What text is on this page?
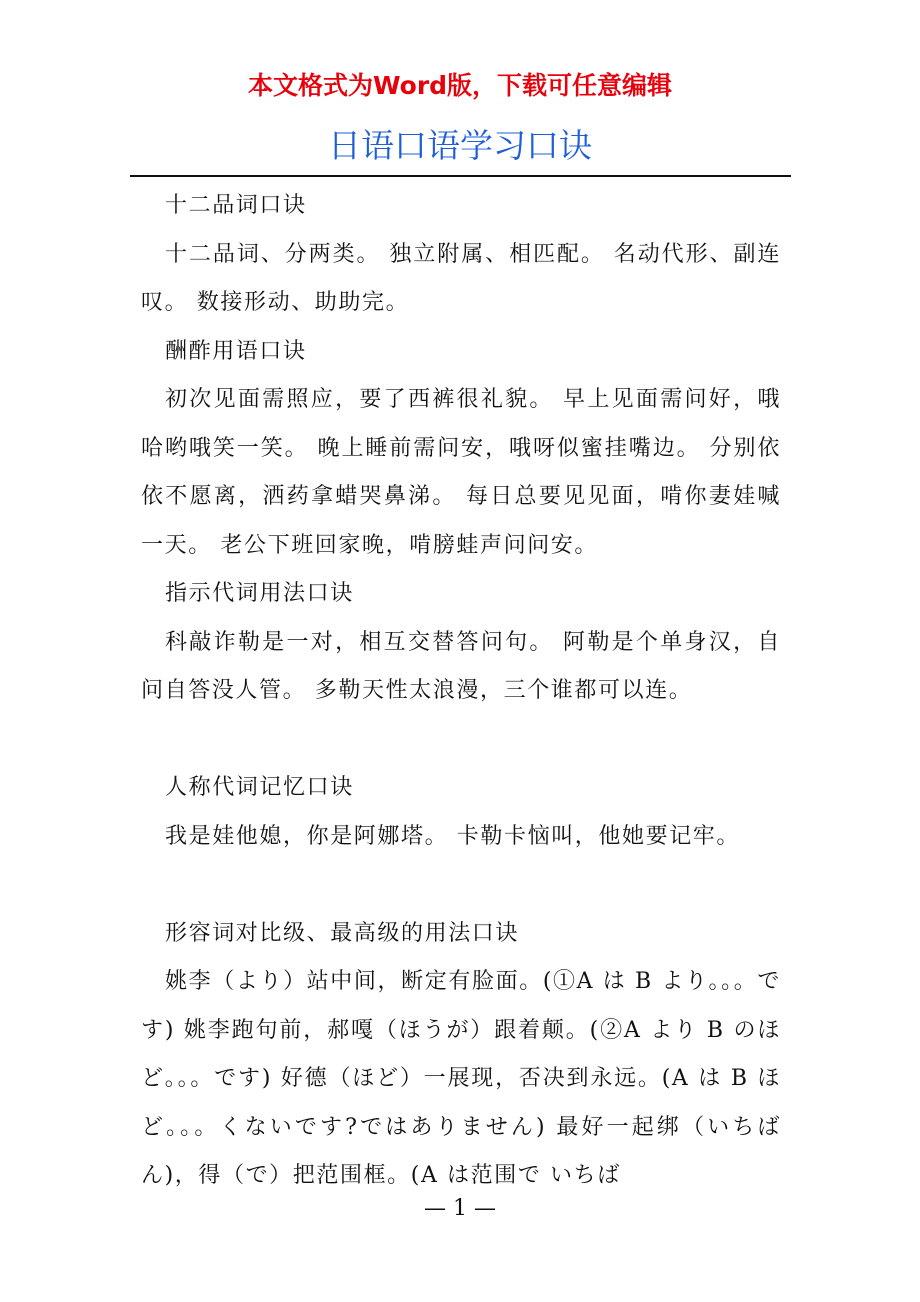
本文格式为Word版，下载可任意编辑
日语口语学习口诀

十二品词口诀

十二品词、分两类。 独立附属、相匹配。 名动代形、副连叹。 数接形动、助助完。

酬酢用语口诀

初次见面需照应，要了西裤很礼貌。 早上见面需问好，哦哈哟哦笑一笑。 晚上睡前需问安，哦呀似蜜挂嘴边。 分别依依不愿离，洒药拿蜡哭鼻涕。 每日总要见见面，啃你妻娃喊一天。 老公下班回家晚，啃膀蛙声问问安。

指示代词用法口诀

科敲诈勒是一对，相互交替答问句。 阿勒是个单身汉，自问自答没人管。 多勒天性太浪漫，三个谁都可以连。

人称代词记忆口诀

我是娃他媳，你是阿娜塔。 卡勒卡恼叫，他她要记牢。

形容词对比级、最高级的用法口诀

姚李（より）站中间，断定有脸面。(①A は B より。。。です) 姚李跑句前，郝嘎（ほうが）跟着颠。(②A より B のほど。。。です) 好德（ほど）一展现，否决到永远。(A は B ほど。。。くないです?ではありません) 最好一起绑（いちばん)，得（で）把范围框。(A は范围で いちば

— 1 —
